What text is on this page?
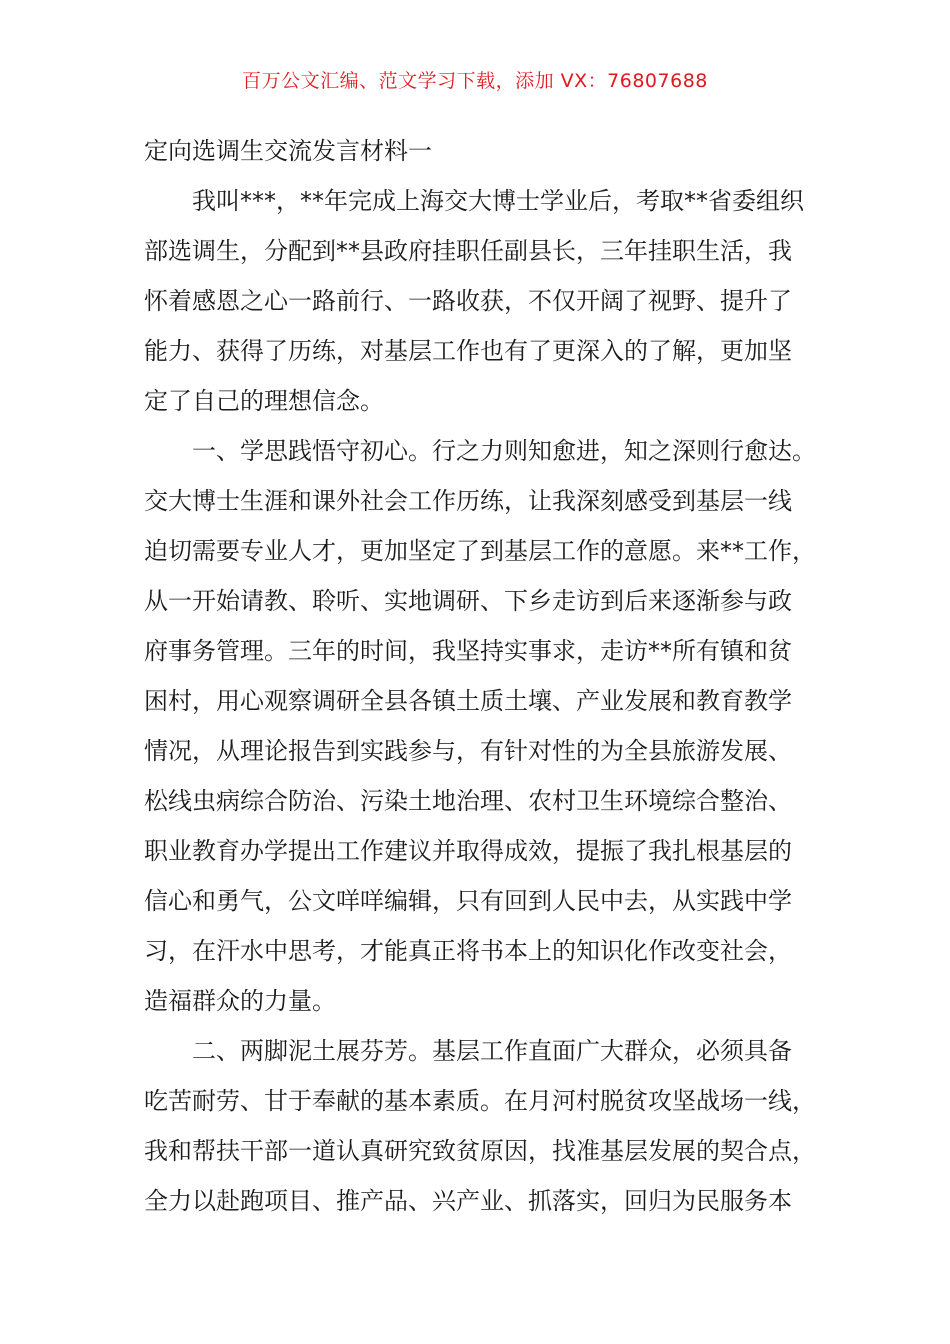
百万公文汇编、范文学习下载，添加 VX：76807688
定向选调生交流发言材料一
我叫***，**年完成上海交大博士学业后，考取**省委组织
部选调生，分配到**县政府挂职任副县长，三年挂职生活，我
怀着感恩之心一路前行、一路收获，不仅开阔了视野、提升了
能力、获得了历练，对基层工作也有了更深入的了解，更加坚
定了自己的理想信念。
一、学思践悟守初心。行之力则知愈进，知之深则行愈达。
交大博士生涯和课外社会工作历练，让我深刻感受到基层一线
迫切需要专业人才，更加坚定了到基层工作的意愿。来**工作，
从一开始请教、聆听、实地调研、下乡走访到后来逐渐参与政
府事务管理。三年的时间，我坚持实事求，走访**所有镇和贫
困村，用心观察调研全县各镇土质土壤、产业发展和教育教学
情况，从理论报告到实践参与，有针对性的为全县旅游发展、
松线虫病综合防治、污染土地治理、农村卫生环境综合整治、
职业教育办学提出工作建议并取得成效，提振了我扎根基层的
信心和勇气，公文咩咩编辑，只有回到人民中去，从实践中学
习，在汗水中思考，才能真正将书本上的知识化作改变社会，
造福群众的力量。
二、两脚泥土展芬芳。基层工作直面广大群众，必须具备
吃苦耐劳、甘于奉献的基本素质。在月河村脱贫攻坚战场一线，
我和帮扶干部一道认真研究致贫原因，找准基层发展的契合点，
全力以赴跑项目、推产品、兴产业、抓落实，回归为民服务本
